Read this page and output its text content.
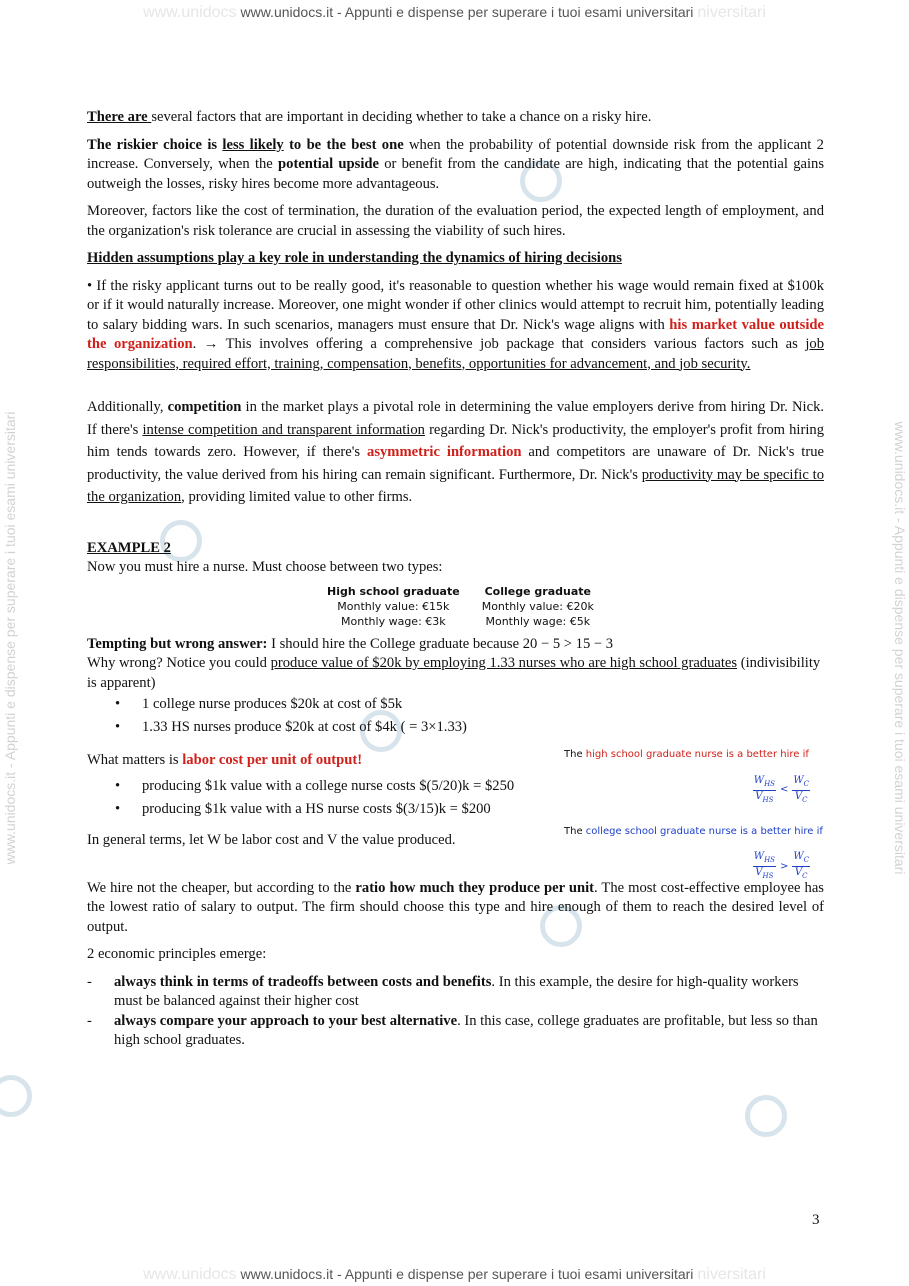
www.unidocs www.unidocs.it - Appunti e dispense per superare i tuoi esami universitari niversitari
www.unidocs.it - Appunti e dispense per superare i tuoi esami universitari	www.unidocs.it - Appunti e dispense per superare i tuoi esami universitari

There are several factors that are important in deciding whether to take a chance on a risky hire.

The riskier choice is less likely to be the best one when the probability of potential downside risk from the applicant 2 increase. Conversely, when the potential upside or benefit from the candidate are high, indicating that the potential gains outweigh the losses, risky hires become more advantageous.

Moreover, factors like the cost of termination, the duration of the evaluation period, the expected length of employment, and the organization's risk tolerance are crucial in assessing the viability of such hires.

Hidden assumptions play a key role in understanding the dynamics of hiring decisions

• If the risky applicant turns out to be really good, it's reasonable to question whether his wage would remain fixed at $100k or if it would naturally increase. Moreover, one might wonder if other clinics would attempt to recruit him, potentially leading to salary bidding wars. In such scenarios, managers must ensure that Dr. Nick's wage aligns with his market value outside the organization. → This involves offering a comprehensive job package that considers various factors such as job responsibilities, required effort, training, compensation, benefits, opportunities for advancement, and job security.

Additionally, competition in the market plays a pivotal role in determining the value employers derive from hiring Dr. Nick. If there's intense competition and transparent information regarding Dr. Nick's productivity, the employer's profit from hiring him tends towards zero. However, if there's asymmetric information and competitors are unaware of Dr. Nick's true productivity, the value derived from his hiring can remain significant. Furthermore, Dr. Nick's productivity may be specific to the organization, providing limited value to other firms.

EXAMPLE 2
Now you must hire a nurse. Must choose between two types:
High school graduate
Monthly value: €15k
Monthly wage: €3k
College graduate
Monthly value: €20k
Monthly wage: €5k
Tempting but wrong answer: I should hire the College graduate because 20 − 5 > 15 − 3
Why wrong? Notice you could produce value of $20k by employing 1.33 nurses who are high school graduates (indivisibility is apparent)
• 1 college nurse produces $20k at cost of $5k
• 1.33 HS nurses produce $20k at cost of $4k ( = 3×1.33)
What matters is labor cost per unit of output!
• producing $1k value with a college nurse costs $(5/20)k = $250
• producing $1k value with a HS nurse costs $(3/15)k = $200
In general terms, let W be labor cost and V the value produced.
The high school graduate nurse is a better hire if
$\frac{W_{HS}}{V_{HS}} < \frac{W_C}{V_C}$
The college school graduate nurse is a better hire if
$\frac{W_{HS}}{V_{HS}} > \frac{W_C}{V_C}$

We hire not the cheaper, but according to the ratio how much they produce per unit. The most cost-effective employee has the lowest ratio of salary to output. The firm should choose this type and hire enough of them to reach the desired level of output.

2 economic principles emerge:
- always think in terms of tradeoffs between costs and benefits. In this example, the desire for high-quality workers must be balanced against their higher cost
- always compare your approach to your best alternative. In this case, college graduates are profitable, but less so than high school graduates.
3
www.unidocs www.unidocs.it - Appunti e dispense per superare i tuoi esami universitari niversitari
